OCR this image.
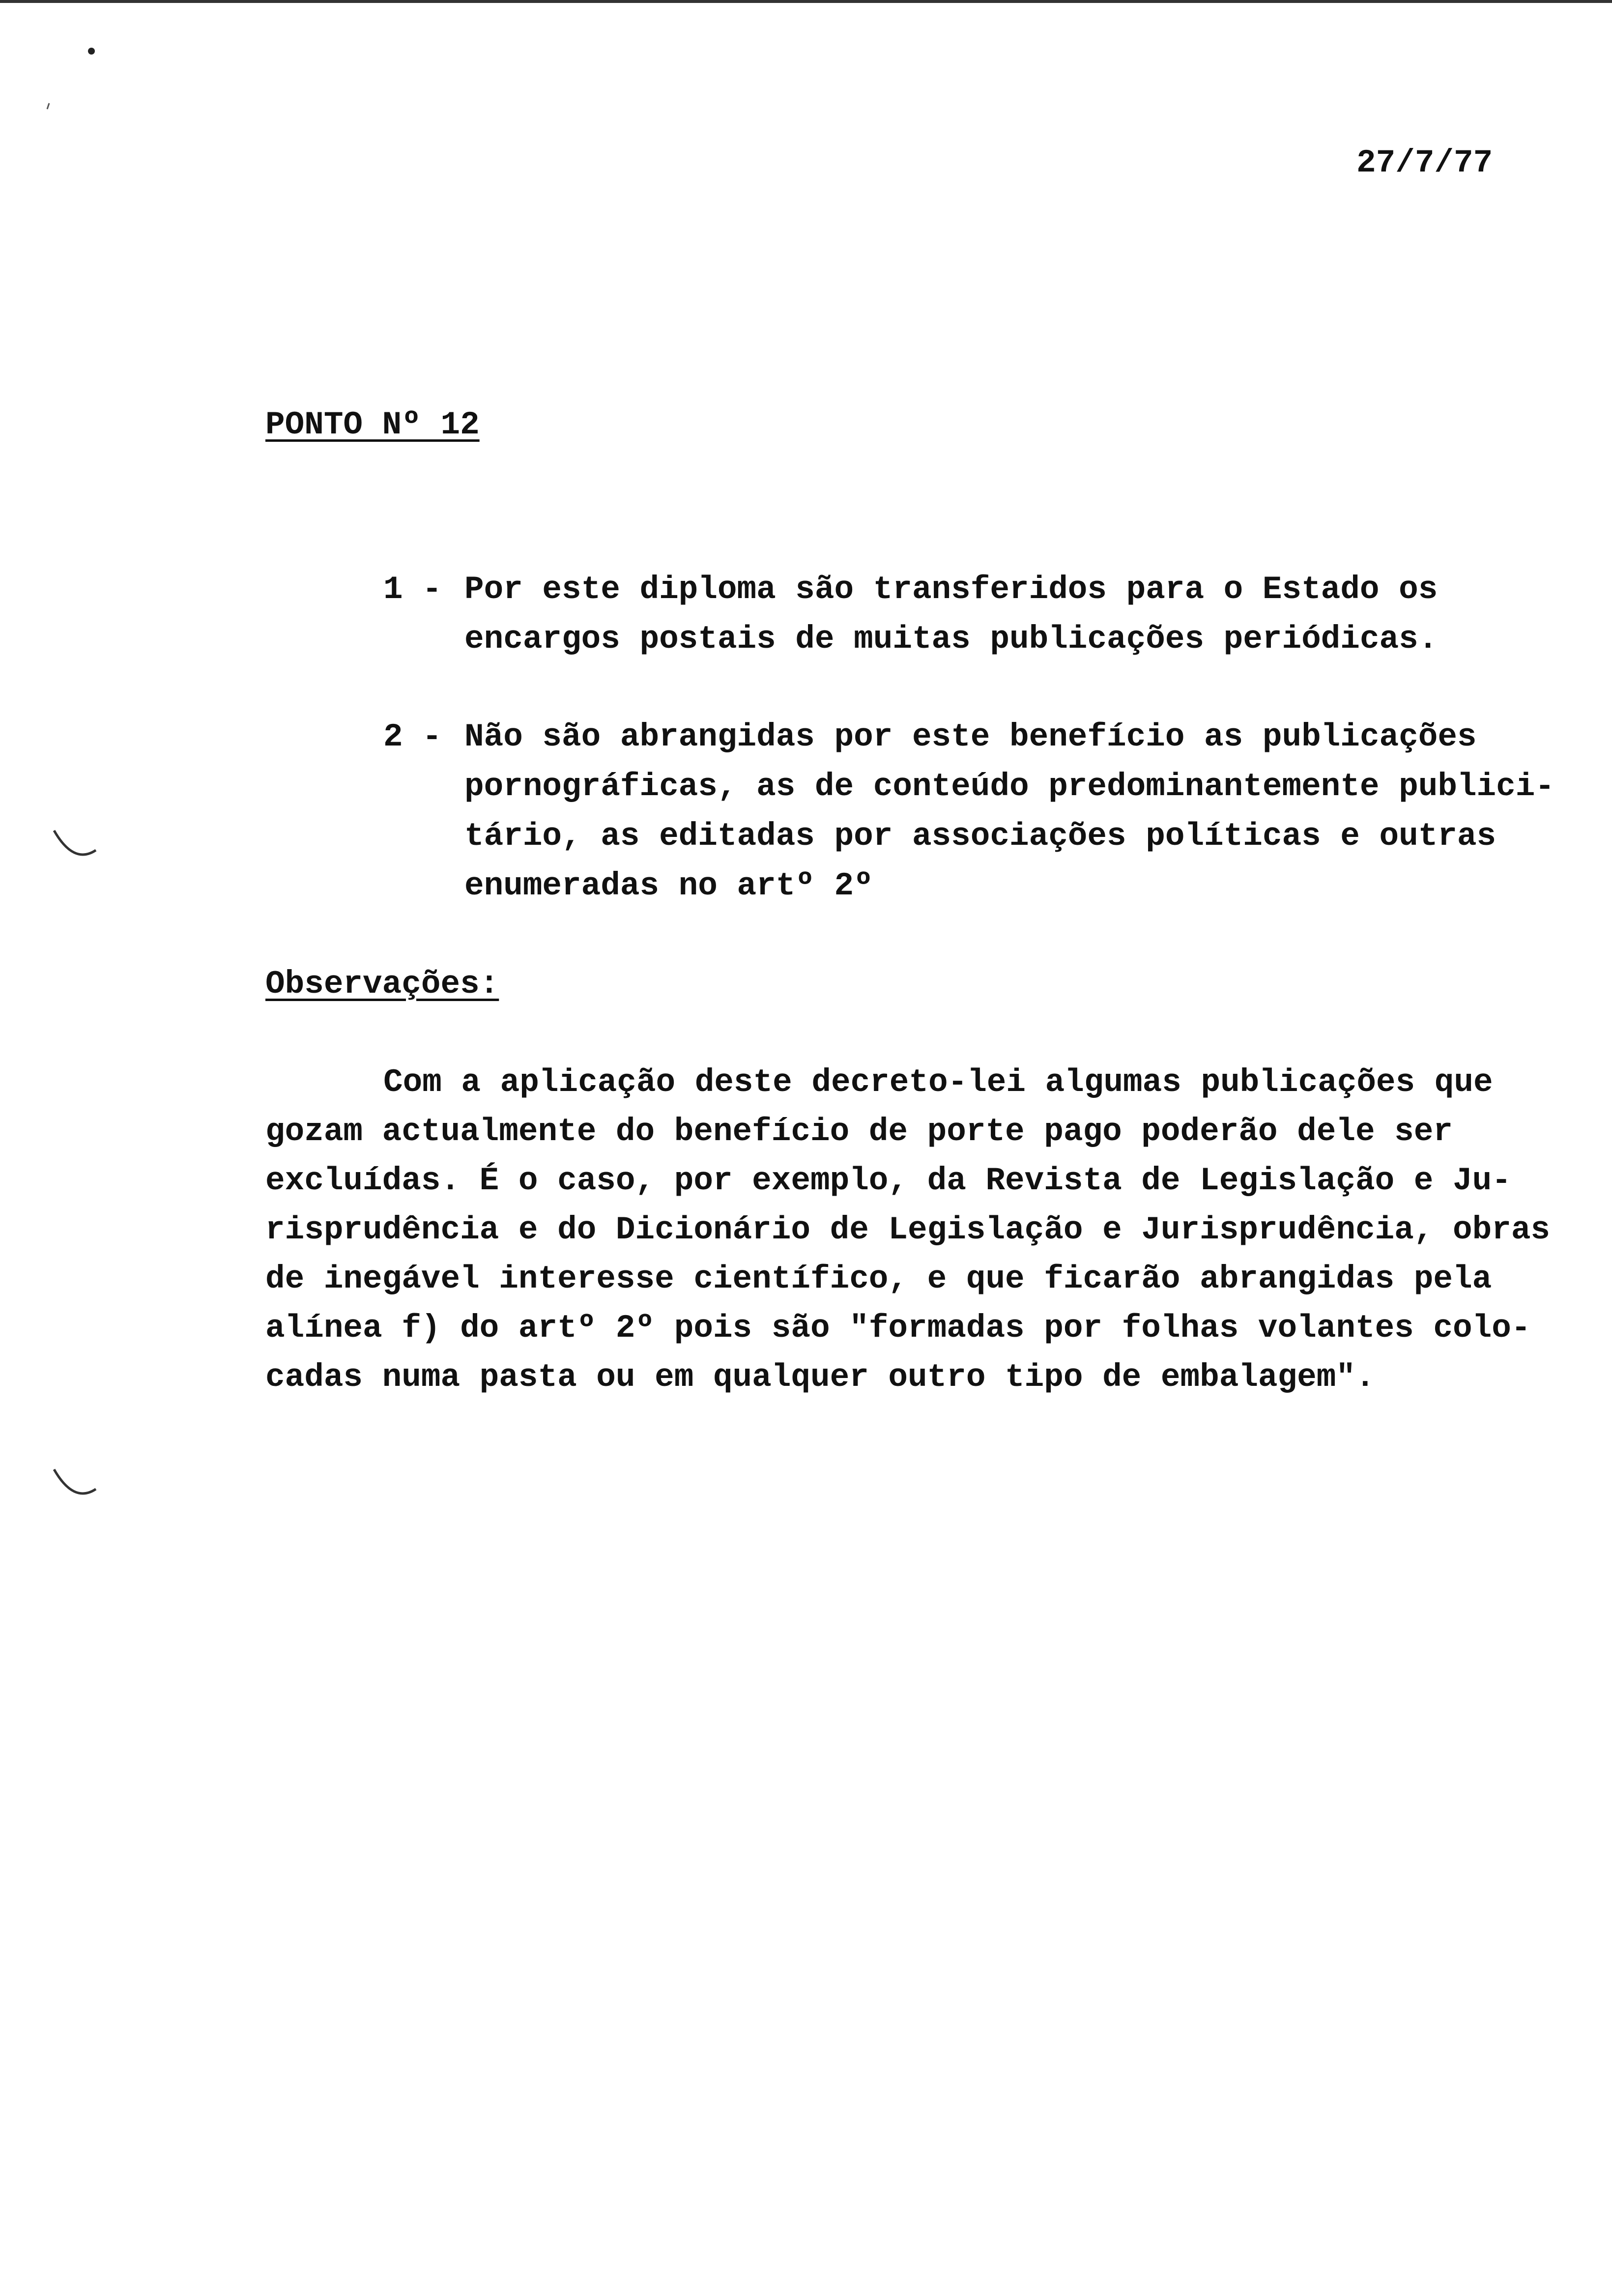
27/7/77
PONTO Nº 12
1 - Por este diploma são transferidos para o Estado os
encargos postais de muitas publicações periódicas.
2 - Não são abrangidas por este benefício as publicações
pornográficas, as de conteúdo predominantemente publici-
tário, as editadas por associações políticas e outras
enumeradas no artº 2º
Observações:
Com a aplicação deste decreto-lei algumas publicações que
gozam actualmente do benefício de porte pago poderão dele ser
excluídas. É o caso, por exemplo, da Revista de Legislação e Ju-
risprudência e do Dicionário de Legislação e Jurisprudência, obras
de inegável interesse científico, e que ficarão abrangidas pela
alínea f) do artº 2º pois são "formadas por folhas volantes colo-
cadas numa pasta ou em qualquer outro tipo de embalagem".
